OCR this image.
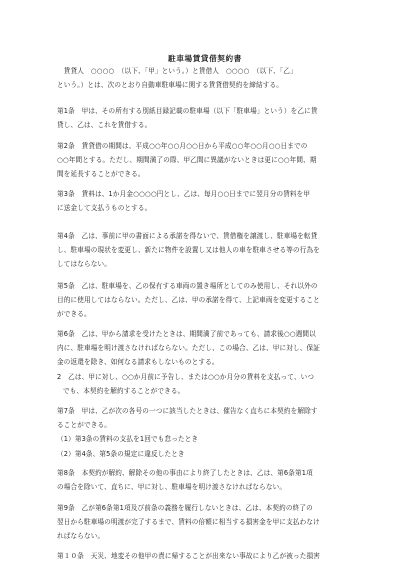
駐車場賃貸借契約書
　賃貸人　○○○○　（以下、「甲」という。）と賃借人　○○○○　（以下、「乙」
という。）とは、次のとおり自動車駐車場に関する賃貸借契約を締結する。
第1条　甲は、その所有する別紙目録記載の駐車場（以下「駐車場」という）を乙に賃
貸し、乙は、これを賃借する。
第2条　賃貸借の期間は、平成○○年○○月○○日から平成○○年○○月○○日までの
○○年間とする。ただし、期間満了の際、甲乙間に異議がないときは更に○○年間、期
間を延長することができる。
第3条　賃料は、1か月金○○○○円とし、乙は、毎月○○日までに翌月分の賃料を甲
に送金して支払うものとする。
第4条　乙は、事前に甲の書面による承諾を得ないで、賃借権を譲渡し、駐車場を転貸
し、駐車場の現状を変更し、新たに物件を設置し又は他人の車を駐車させる等の行為を
してはならない。
第5条　乙は、駐車場を、乙の保有する車両の置き場所としてのみ使用し、それ以外の
目的に使用してはならない。ただし、乙は、甲の承諾を得て、上記車両を変更すること
ができる。
第6条　乙は、甲から請求を受けたときは、期間満了前であっても、請求後○○週間以
内に、駐車場を明け渡さなければならない。ただし、この場合、乙は、甲に対し、保証
金の返還を除き、如何なる請求もしないものとする。
2　乙は、甲に対し、○○か月前に予告し、または○○か月分の賃料を支払って、いつ
でも、本契約を解約することができる。
第7条　甲は、乙が次の各号の一つに該当したときは、催告なく直ちに本契約を解除す
ることができる。
（1）第3条の賃料の支払を1回でも怠ったとき
（2）第4条、第5条の規定に違反したとき
第8条　本契約が解約、解除その他の事由により終了したときは、乙は、第6条第1項
の場合を除いて、直ちに、甲に対し、駐車場を明け渡さなければならない。
第9条　乙が第6条第1項及び前条の義務を履行しないときは、乙は、本契約の終了の
翌日から駐車場の明渡が完了するまで、賃料の倍額に相当する損害金を甲に支払わなけ
ればならない。
第１０条　天災、地変その他甲の責に帰することが出来ない事故により乙が被った損害
